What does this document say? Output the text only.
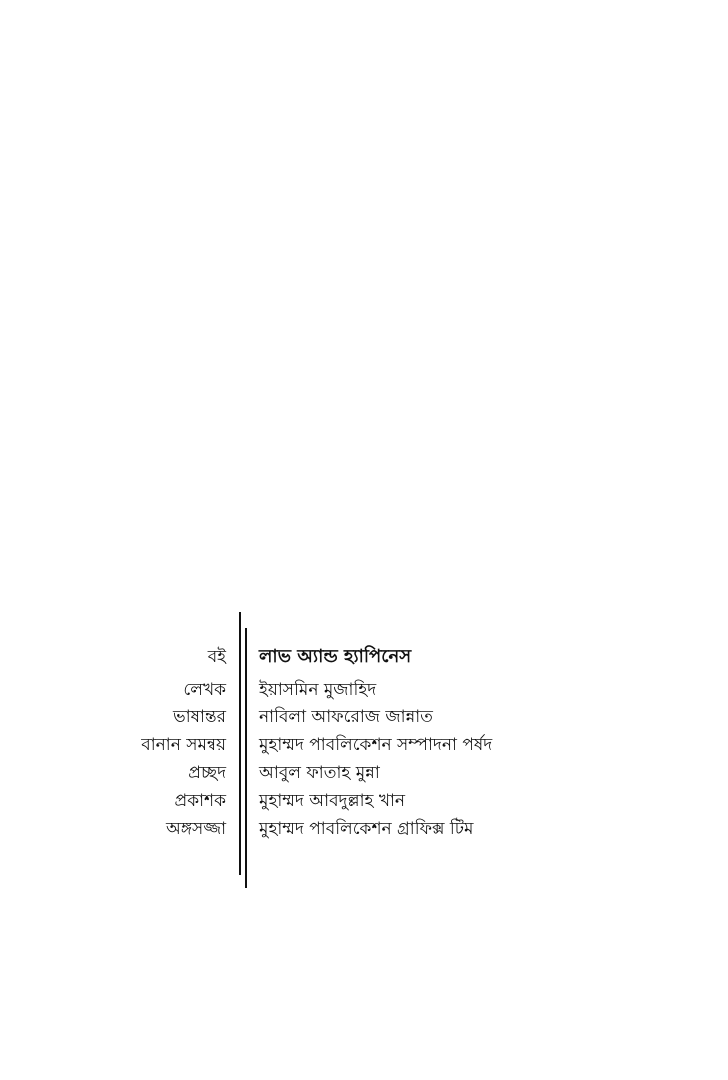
বই লাভ অ্যান্ড হ্যাপিনেস
লেখক ইয়াসমিন মুজাহিদ
ভাষান্তর নাবিলা আফরোজ জান্নাত
বানান সমন্বয় মুহাম্মদ পাবলিকেশন সম্পাদনা পর্ষদ
প্রচ্ছদ আবুল ফাতাহ মুন্না
প্রকাশক মুহাম্মদ আবদুল্লাহ খান
অঙ্গসজ্জা মুহাম্মদ পাবলিকেশন গ্রাফিক্স টিম
